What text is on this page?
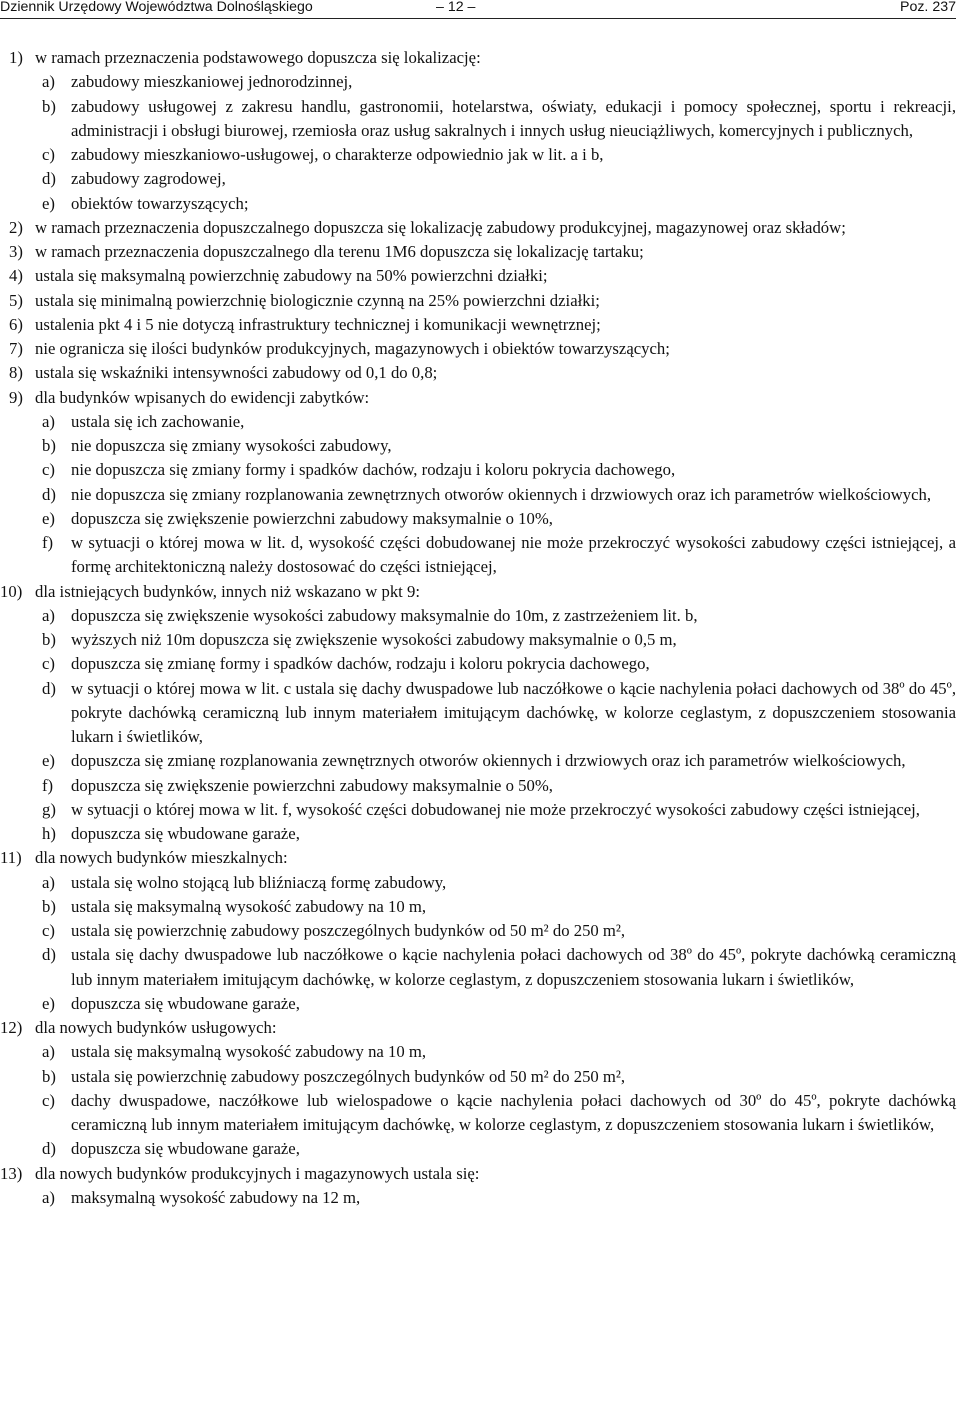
Dziennik Urzędowy Województwa Dolnośląskiego	– 12 –	Poz. 237
1) w ramach przeznaczenia podstawowego dopuszcza się lokalizację:
a) zabudowy mieszkaniowej jednorodzinnej,
b) zabudowy usługowej z zakresu handlu, gastronomii, hotelarstwa, oświaty, edukacji i pomocy społecznej, sportu i rekreacji, administracji i obsługi biurowej, rzemiosła oraz usług sakralnych i innych usług nieuciążliwych, komercyjnych i publicznych,
c) zabudowy mieszkaniowo-usługowej, o charakterze odpowiednio jak w lit. a i b,
d) zabudowy zagrodowej,
e) obiektów towarzyszących;
2) w ramach przeznaczenia dopuszczalnego dopuszcza się lokalizację zabudowy produkcyjnej, magazynowej oraz składów;
3) w ramach przeznaczenia dopuszczalnego dla terenu 1M6 dopuszcza się lokalizację tartaku;
4) ustala się maksymalną powierzchnię zabudowy na 50% powierzchni działki;
5) ustala się minimalną powierzchnię biologicznie czynną na 25% powierzchni działki;
6) ustalenia pkt 4 i 5 nie dotyczą infrastruktury technicznej i komunikacji wewnętrznej;
7) nie ogranicza się ilości budynków produkcyjnych, magazynowych i obiektów towarzyszących;
8) ustala się wskaźniki intensywności zabudowy od 0,1 do 0,8;
9) dla budynków wpisanych do ewidencji zabytków:
a) ustala się ich zachowanie,
b) nie dopuszcza się zmiany wysokości zabudowy,
c) nie dopuszcza się zmiany formy i spadków dachów, rodzaju i koloru pokrycia dachowego,
d) nie dopuszcza się zmiany rozplanowania zewnętrznych otworów okiennych i drzwiowych oraz ich parametrów wielkościowych,
e) dopuszcza się zwiększenie powierzchni zabudowy maksymalnie o 10%,
f)	w sytuacji o której mowa w lit. d, wysokość części dobudowanej nie może przekroczyć wysokości zabudowy części istniejącej, a formę architektoniczną należy dostosować do części istniejącej,
10) dla istniejących budynków, innych niż wskazano w pkt 9:
a) dopuszcza się zwiększenie wysokości zabudowy maksymalnie do 10m, z zastrzeżeniem lit. b,
b) wyższych niż 10m dopuszcza się zwiększenie wysokości zabudowy maksymalnie o 0,5 m,
c) dopuszcza się zmianę formy i spadków dachów, rodzaju i koloru pokrycia dachowego,
d) w sytuacji o której mowa w lit. c ustala się dachy dwuspadowe lub naczółkowe o kącie nachylenia połaci dachowych od 38º do 45º, pokryte dachówką ceramiczną lub innym materiałem imitującym dachówkę, w kolorze ceglastym, z dopuszczeniem stosowania lukarn i świetlików,
e) dopuszcza się zmianę rozplanowania zewnętrznych otworów okiennych i drzwiowych oraz ich parametrów wielkościowych,
f)	dopuszcza się zwiększenie powierzchni zabudowy maksymalnie o 50%,
g) w sytuacji o której mowa w lit. f, wysokość części dobudowanej nie może przekroczyć wysokości zabudowy części istniejącej,
h) dopuszcza się wbudowane garaże,
11) dla nowych budynków mieszkalnych:
a) ustala się wolno stojącą lub bliźniaczą formę zabudowy,
b) ustala się maksymalną wysokość zabudowy na 10 m,
c) ustala się powierzchnię zabudowy poszczególnych budynków od 50 m² do 250 m²,
d) ustala się dachy dwuspadowe lub naczółkowe o kącie nachylenia połaci dachowych od 38º do 45º, pokryte dachówką ceramiczną lub innym materiałem imitującym dachówkę, w kolorze ceglastym, z dopuszczeniem stosowania lukarn i świetlików,
e) dopuszcza się wbudowane garaże,
12) dla nowych budynków usługowych:
a) ustala się maksymalną wysokość zabudowy na 10 m,
b) ustala się powierzchnię zabudowy poszczególnych budynków od 50 m² do 250 m²,
c) dachy dwuspadowe, naczółkowe lub wielospadowe o kącie nachylenia połaci dachowych od 30º do 45º, pokryte dachówką ceramiczną lub innym materiałem imitującym dachówkę, w kolorze ceglastym, z dopuszczeniem stosowania lukarn i świetlików,
d) dopuszcza się wbudowane garaże,
13) dla nowych budynków produkcyjnych i magazynowych ustala się:
a) maksymalną wysokość zabudowy na 12 m,
